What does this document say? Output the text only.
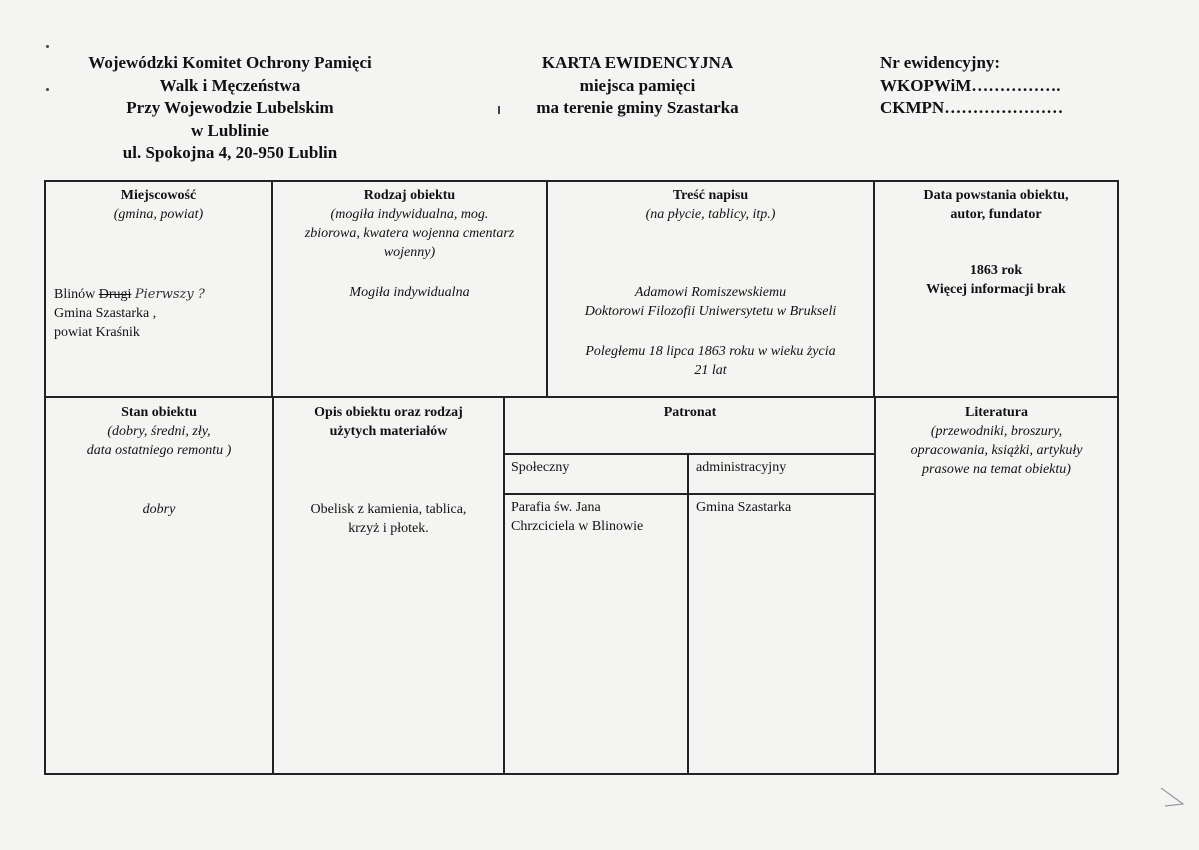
Wojewódzki Komitet Ochrony Pamięci
Walk i Męczeństwa
Przy Wojewodzie Lubelskim
w Lublinie
ul. Spokojna 4, 20-950 Lublin
KARTA EWIDENCYJNA
miejsca pamięci
ma terenie gminy Szastarka
Nr ewidencyjny:
WKOPWiM…………….
CKMPN…………………
Miejscowość
(gmina, powiat)
Blinów Drugi Pierwszy ?
Gmina Szastarka ,
powiat Kraśnik
Rodzaj obiektu
(mogiła indywidualna, mog.
zbiorowa, kwatera wojenna cmentarz
wojenny)
Mogiła indywidualna
Treść napisu
(na płycie, tablicy, itp.)
Adamowi Romiszewskiemu
Doktorowi Filozofii Uniwersytetu w Brukseli
Poległemu 18 lipca 1863 roku w wieku życia
21 lat
Data powstania obiektu,
autor, fundator
1863 rok
Więcej informacji brak
Stan obiektu
(dobry, średni, zły,
data ostatniego remontu )
dobry
Opis obiektu oraz rodzaj
użytych materiałów
Obelisk z kamienia, tablica,
krzyż i płotek.
Patronat
Społeczny	administracyjny
Parafia św. Jana
Chrzciciela w Blinowie
Gmina Szastarka
Literatura
(przewodniki, broszury,
opracowania, książki, artykuły
prasowe na temat obiektu)
